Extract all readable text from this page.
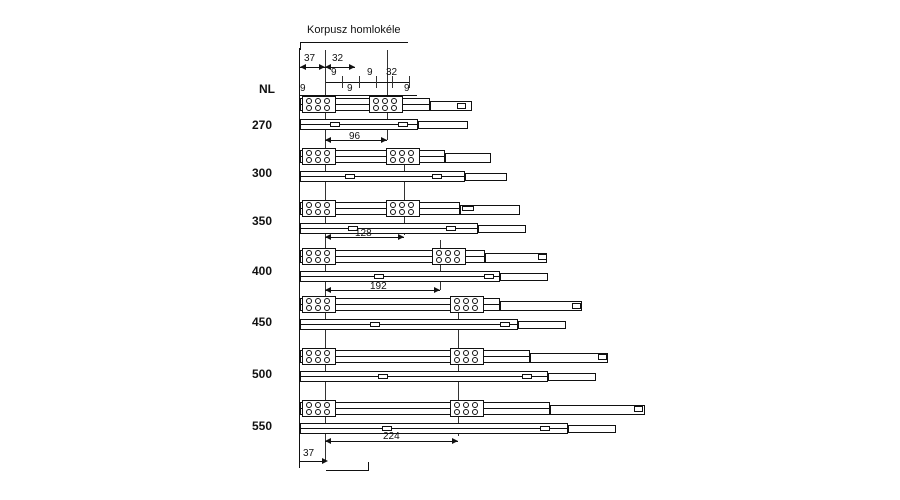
Korpusz homlokéle
37 32
9	9 32
9	9	9
NL
270
300
350
400
450
500
550
96
128
192
224
37
